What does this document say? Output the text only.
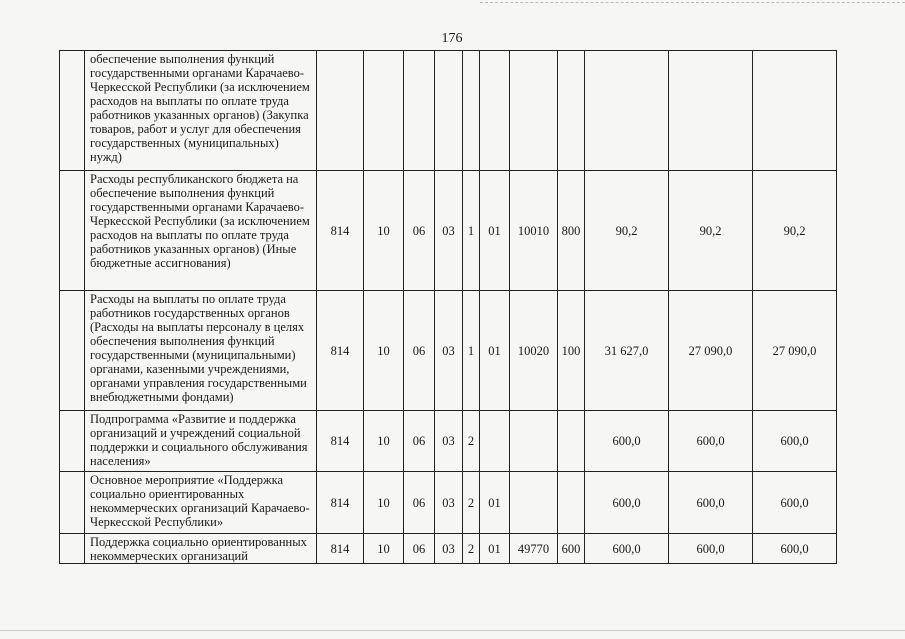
176
	обеспечение выполнения функций государственными органами Карачаево-Черкесской Республики (за исключением расходов на выплаты по оплате труда работников указанных органов) (Закупка товаров, работ и услуг для обеспечения государственных (муниципальных) нужд)											
	Расходы республиканского бюджета на обеспечение выполнения функций государственными органами Карачаево-Черкесской Республики (за исключением расходов на выплаты по оплате труда работников указанных органов) (Иные бюджетные ассигнования)	814	10	06	03	1	01	10010	800	90,2	90,2	90,2
	Расходы на выплаты по оплате труда работников государственных органов (Расходы на выплаты персоналу в целях обеспечения выполнения функций государственными (муниципальными) органами, казенными учреждениями, органами управления государственными внебюджетными фондами)	814	10	06	03	1	01	10020	100	31 627,0	27 090,0	27 090,0
	Подпрограмма «Развитие и поддержка организаций и учреждений социальной поддержки и социального обслуживания населения»	814	10	06	03	2				600,0	600,0	600,0
	Основное мероприятие «Поддержка социально ориентированных некоммерческих организаций Карачаево-Черкесской Республики»	814	10	06	03	2	01			600,0	600,0	600,0
	Поддержка социально ориентированных некоммерческих организаций	814	10	06	03	2	01	49770	600	600,0	600,0	600,0
